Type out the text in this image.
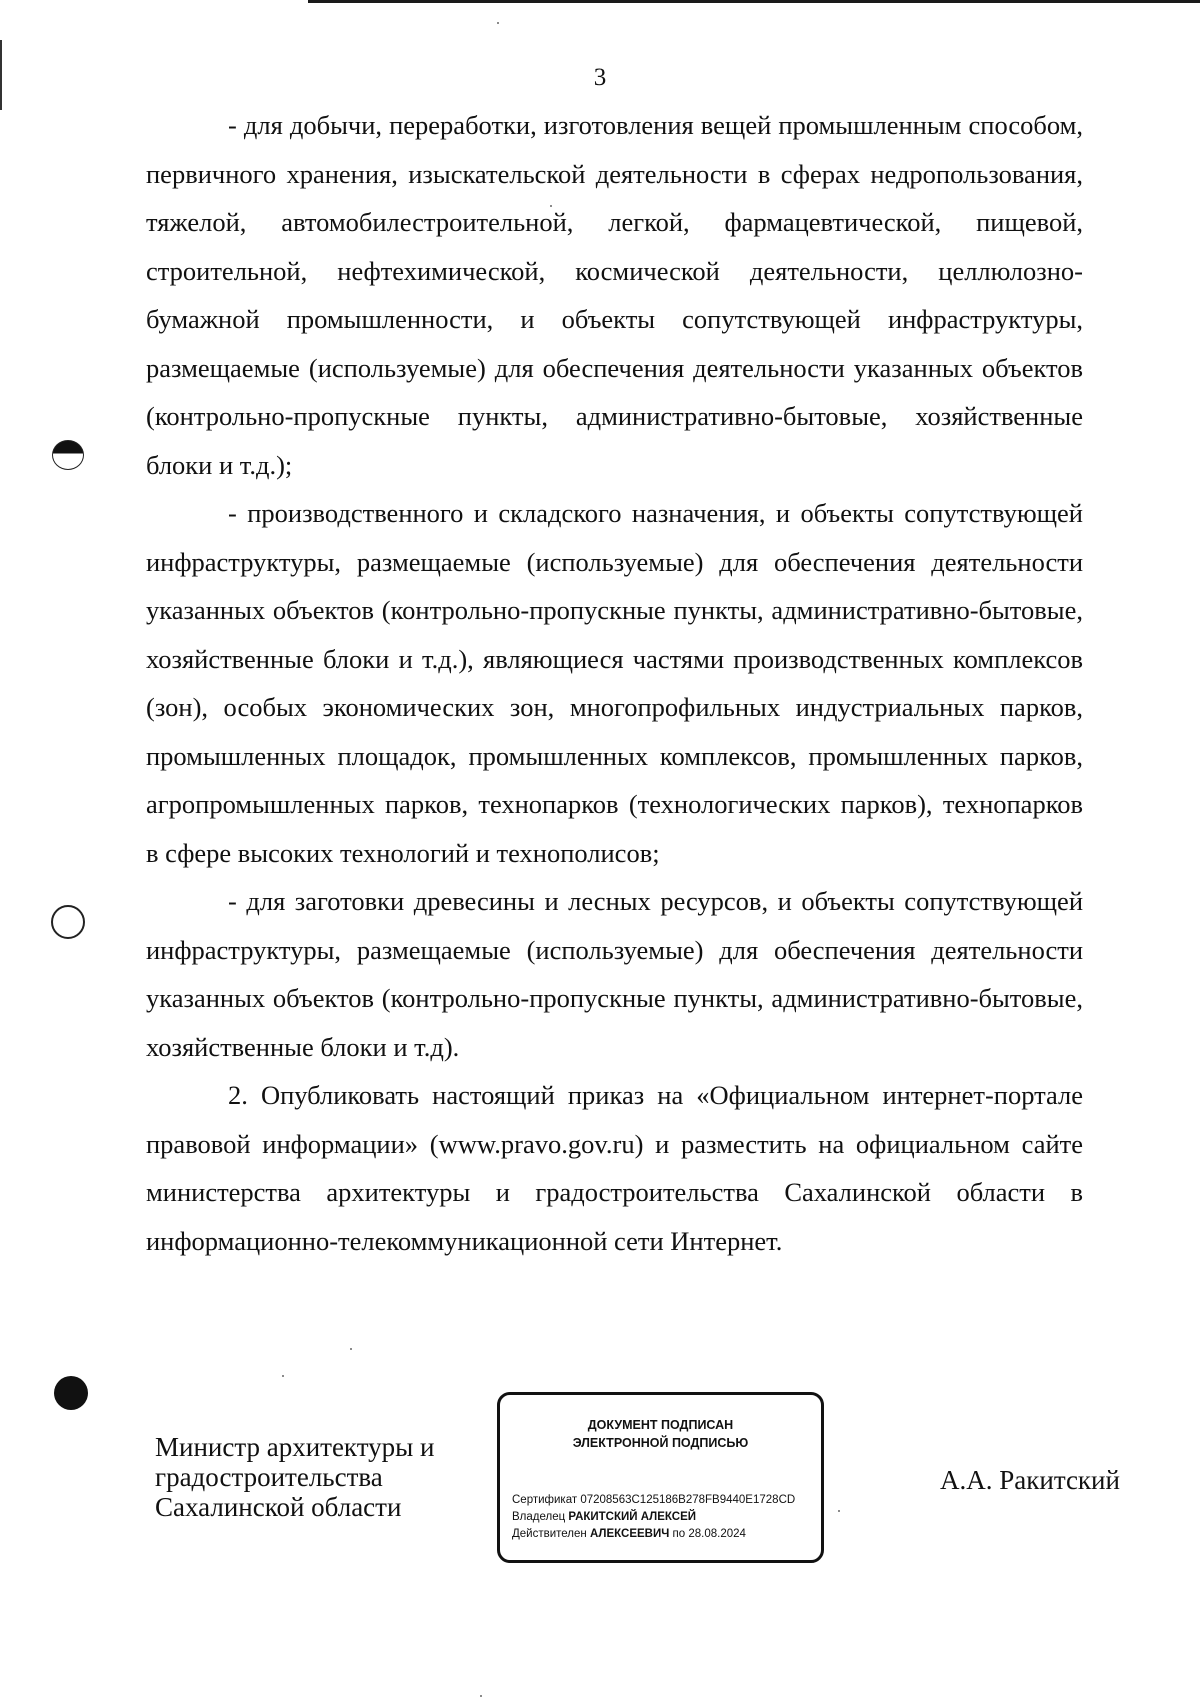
3

- для добычи, переработки, изготовления вещей промышленным способом, первичного хранения, изыскательской деятельности в сферах недропользования, тяжелой, автомобилестроительной, легкой, фармацевтической, пищевой, строительной, нефтехимической, космической деятельности, целлюлозно-бумажной промышленности, и объекты сопутствующей инфраструктуры, размещаемые (используемые) для обеспечения деятельности указанных объектов (контрольно-пропускные пункты, административно-бытовые, хозяйственные блоки и т.д.);

- производственного и складского назначения, и объекты сопутствующей инфраструктуры, размещаемые (используемые) для обеспечения деятельности указанных объектов (контрольно-пропускные пункты, административно-бытовые, хозяйственные блоки и т.д.), являющиеся частями производственных комплексов (зон), особых экономических зон, многопрофильных индустриальных парков, промышленных площадок, промышленных комплексов, промышленных парков, агропромышленных парков, технопарков (технологических парков), технопарков в сфере высоких технологий и технополисов;

- для заготовки древесины и лесных ресурсов, и объекты сопутствующей инфраструктуры, размещаемые (используемые) для обеспечения деятельности указанных объектов (контрольно-пропускные пункты, административно-бытовые, хозяйственные блоки и т.д).

2. Опубликовать настоящий приказ на «Официальном интернет-портале правовой информации» (www.pravo.gov.ru) и разместить на официальном сайте министерства архитектуры и градостроительства Сахалинской области в информационно-телекоммуникационной сети Интернет.

Министр архитектуры и
градостроительства
Сахалинской области
ДОКУМЕНТ ПОДПИСАН
ЭЛЕКТРОННОЙ ПОДПИСЬЮ
Сертификат 07208563C125186B278FB9440E1728CD
Владелец РАКИТСКИЙ АЛЕКСЕЙ
Действителен АЛЕКСЕЕВИЧ по 28.08.2024
А.А. Ракитский
